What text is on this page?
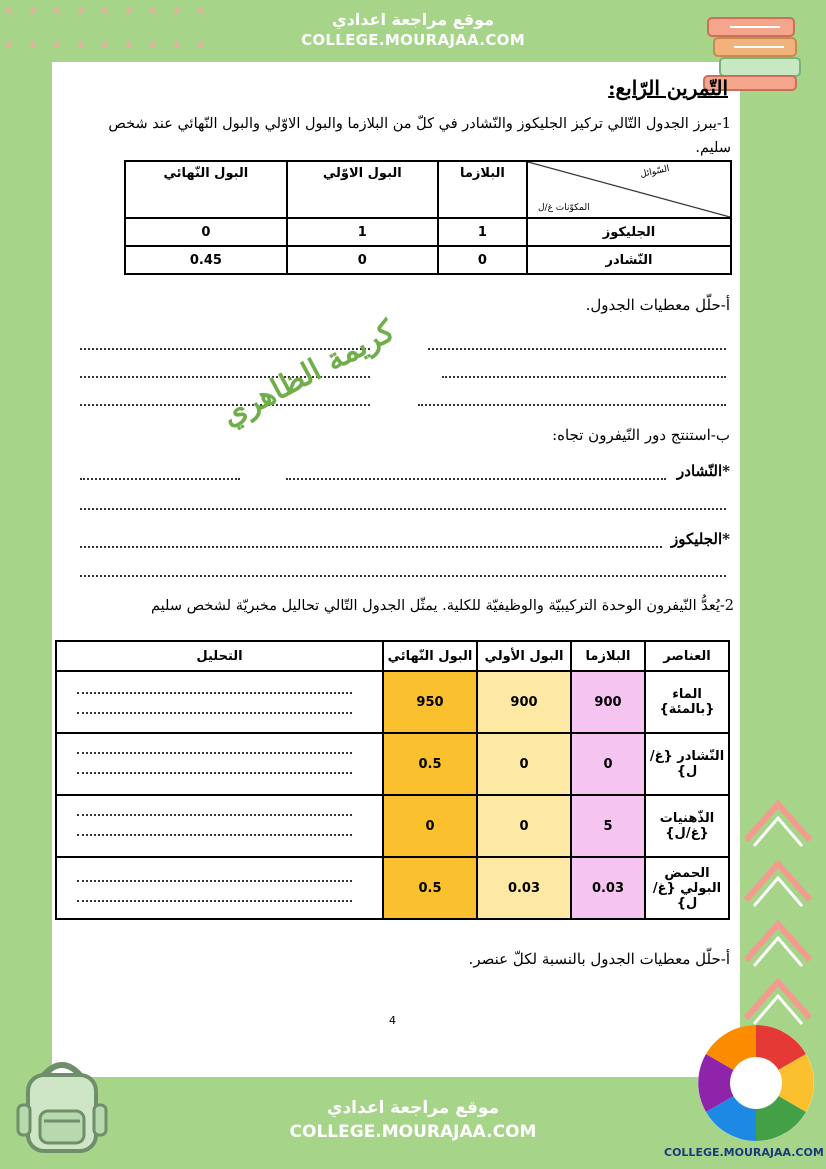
موقع مراجعة اعدادي
COLLEGE.MOURAJAA.COM
التّمرين الرّابع:
1-يبرز الجدول التّالي تركيز الجليكوز والنّشادر في كلّ من البلازما والبول الاوّلي والبول النّهائي عند شخص سليم.
السّوائل
المكوّنات غ/ل	البلازما	البول الاوّلي	البول النّهائي
الجليكوز	1	1	0
النّشادر	0	0	0.45
أ-حلّل معطيات الجدول.
كريمة الظاهري
ب-استنتج دور النّيفرون تجاه:
*النّشادر
*الجليكوز
2-يُعدُّ النّيفرون الوحدة التركيبيّة والوظيفيّة للكلية. يمثّل الجدول التّالي تحاليل مخبريّة لشخص سليم
العناصر	البلازما	البول الأولي	البول النّهائي	التحليل
الماء {بالمئة}	900	900	950	

النّشادر {غ/ل}	0	0	0.5	

الذّهنيات {غ/ل}	5	0	0	

الحمض البولي {غ/ل}	0.03	0.03	0.5	
أ-حلّل معطيات الجدول بالنسبة لكلّ عنصر.
4
موقع مراجعة اعدادي
COLLEGE.MOURAJAA.COM
COLLEGE.MOURAJAA.COM
